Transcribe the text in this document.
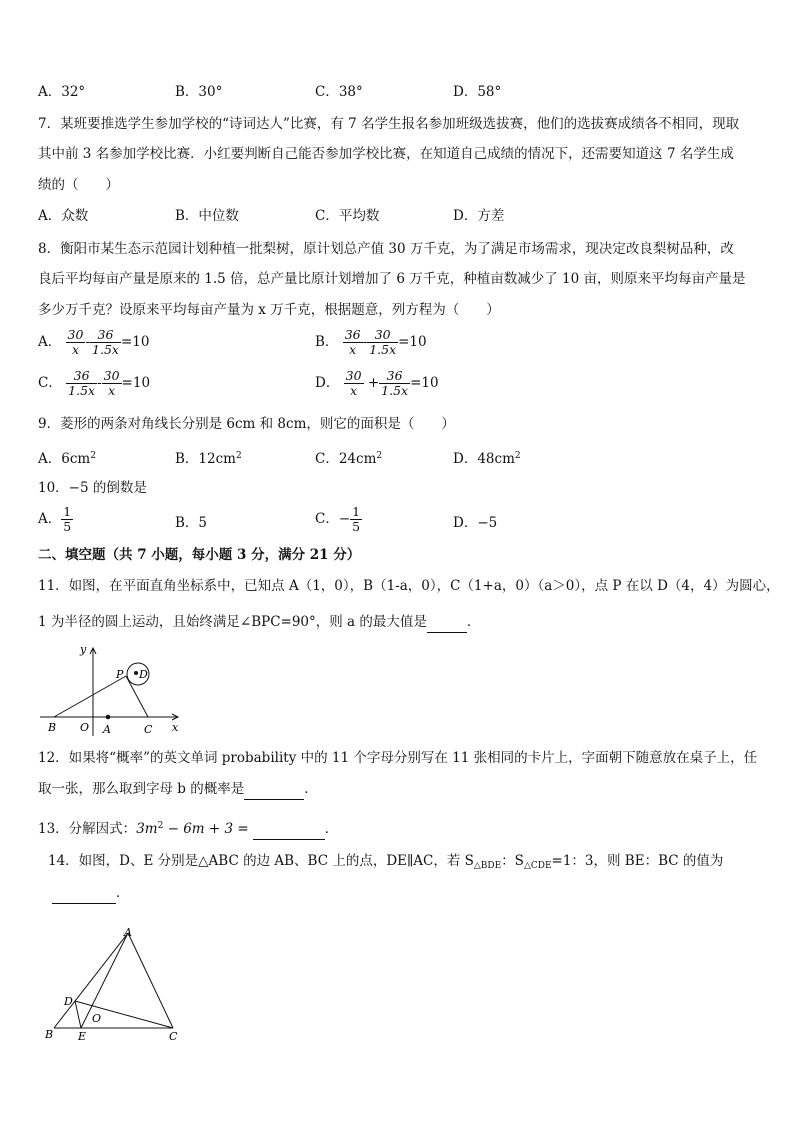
A．32°	B．30°	C．38°	D．58°
7．某班要推选学生参加学校的“诗词达人”比赛，有 7 名学生报名参加班级选拔赛，他们的选拔赛成绩各不相同，现取
其中前 3 名参加学校比赛．小红要判断自己能否参加学校比赛，在知道自己成绩的情况下，还需要知道这 7 名学生成
绩的（　　）
A．众数	B．中位数	C．平均数	D．方差
8．衡阳市某生态示范园计划种植一批梨树，原计划总产值 30 万千克，为了满足市场需求，现决定改良梨树品种，改
良后平均每亩产量是原来的 1.5 倍，总产量比原计划增加了 6 万千克，种植亩数减少了 10 亩，则原来平均每亩产量是
多少万千克？设原来平均每亩产量为 x 万千克，根据题意，列方程为（　　）
A． $\frac{30}{x} - \frac{36}{1.5x} =10$	B． $\frac{36}{x} - \frac{30}{1.5x} =10$
C． $\frac{36}{1.5x} - \frac{30}{x} =10$	D． $\frac{30}{x} + \frac{36}{1.5x} =10$
9．菱形的两条对角线长分别是 6cm 和 8cm，则它的面积是（　　）
A．$6cm^2$	B．$12cm^2$	C．$24cm^2$	D．$48cm^2$
10．−5 的倒数是
A． $\frac{1}{5}$	B．5	C．− $\frac{1}{5}$	D．−5
二、填空题（共 7 小题，每小题 3 分，满分 21 分）
11．如图，在平面直角坐标系中，已知点 A（1，0），B（1-a，0），C（1+a，0）（a＞0），点 P 在以 D（4，4）为圆心，
1 为半径的圆上运动，且始终满足∠BPC=90°，则 a 的最大值是	．
y
x
P D
B O A	C
12．如果将“概率”的英文单词 probability 中的 11 个字母分别写在 11 张相同的卡片上，字面朝下随意放在桌子上，任
取一张，那么取到字母 b 的概率是	．
13．分解因式：$3m^2 - 6m + 3$ =	．
14．如图，D、E 分别是△ABC 的边 AB、BC 上的点，DE∥AC，若 $S_{\triangle BDE}$：$S_{\triangle CDE}=1$：3，则 BE：BC 的值为
．
A
D
O
B E	C
